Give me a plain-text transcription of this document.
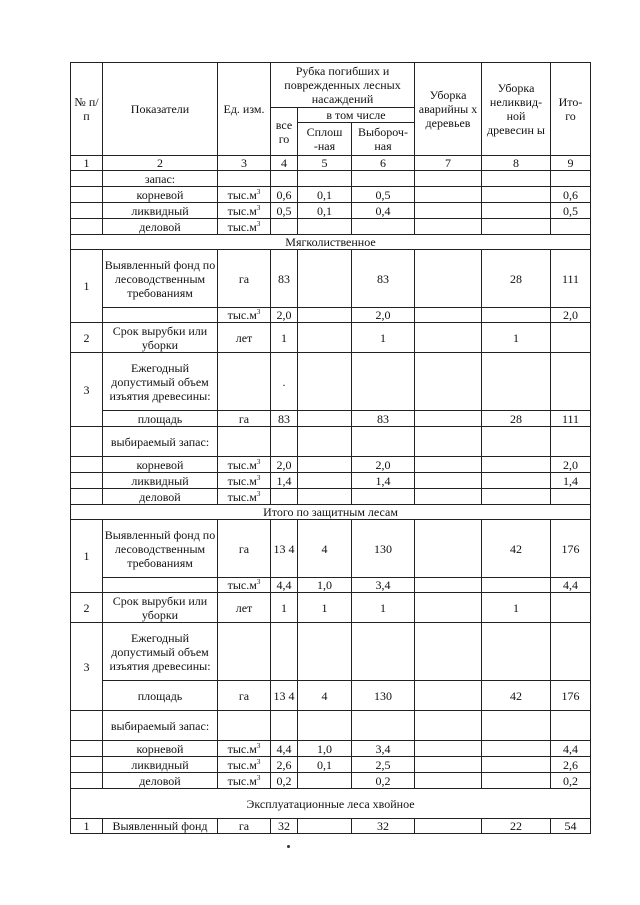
№ п/п	Показатели	Ед. изм.	Рубка погибших и поврежденных лесных насаждений			Уборка аварийны х деревьев	Уборка неликвид- ной древесин ы	Ито- го
			все го	в том числе				
				Сплош -ная	Выбороч- ная			
1	2	3	4	5	6	7	8	9
	запас:							
	корневой	$тыс.м^3$	0,6	0,1	0,5			0,6
	ликвидный	$тыс.м^3$	0,5	0,1	0,4			0,5
	деловой	$тыс.м^3$						
Мягколиственное								
1	Выявленный фонд по лесоводственным требованиям	га	83		83		28	111
		$тыс.м^3$	2,0		2,0			2,0
2	Срок вырубки или уборки	лет	1		1		1	
3	Ежегодный допустимый объем изъятия древесины:		.					
	площадь	га	83		83		28	111
	выбираемый запас:							
	корневой	$тыс.м^3$	2,0		2,0			2,0
	ликвидный	$тыс.м^3$	1,4		1,4			1,4
	деловой	$тыс.м^3$						
Итого по защитным лесам								
1	Выявленный фонд по лесоводственным требованиям	га	13 4	4	130		42	176
		$тыс.м^3$	4,4	1,0	3,4			4,4
2	Срок вырубки или уборки	лет	1	1	1		1	
3	Ежегодный допустимый объем изъятия древесины:							
	площадь	га	13 4	4	130		42	176
	выбираемый запас:							
	корневой	$тыс.м^3$	4,4	1,0	3,4			4,4
	ликвидный	$тыс.м^3$	2,6	0,1	2,5			2,6
	деловой	$тыс.м^3$	0,2		0,2			0,2
Эксплуатационные леса хвойное								
1	Выявленный фонд	га	32		32		22	54
